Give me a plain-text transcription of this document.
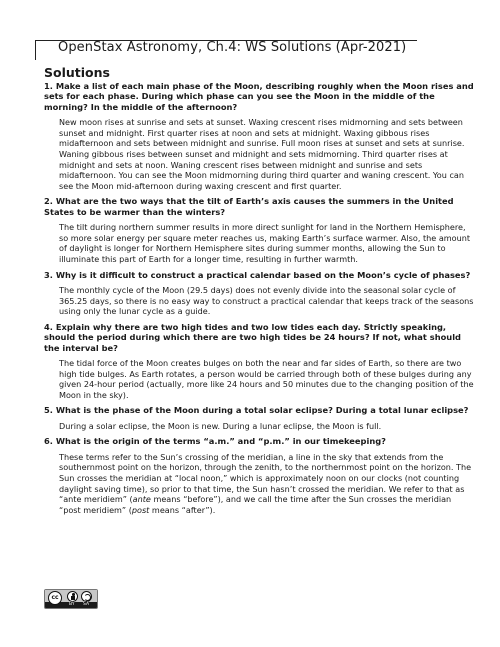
OpenStax Astronomy, Ch.4: WS Solutions (Apr-2021)
Solutions

1. Make a list of each main phase of the Moon, describing roughly when the Moon rises and sets for each phase. During which phase can you see the Moon in the middle of the morning? In the middle of the afternoon?

New moon rises at sunrise and sets at sunset. Waxing crescent rises midmorning and sets between sunset and midnight. First quarter rises at noon and sets at midnight. Waxing gibbous rises midafternoon and sets between midnight and sunrise. Full moon rises at sunset and sets at sunrise. Waning gibbous rises between sunset and midnight and sets midmorning. Third quarter rises at midnight and sets at noon. Waning crescent rises between midnight and sunrise and sets midafternoon. You can see the Moon midmorning during third quarter and waning crescent. You can see the Moon mid-afternoon during waxing crescent and first quarter.

2. What are the two ways that the tilt of Earth’s axis causes the summers in the United States to be warmer than the winters?

The tilt during northern summer results in more direct sunlight for land in the Northern Hemisphere, so more solar energy per square meter reaches us, making Earth’s surface warmer. Also, the amount of daylight is longer for Northern Hemisphere sites during summer months, allowing the Sun to illuminate this part of Earth for a longer time, resulting in further warmth.

3. Why is it difficult to construct a practical calendar based on the Moon’s cycle of phases?

The monthly cycle of the Moon (29.5 days) does not evenly divide into the seasonal solar cycle of 365.25 days, so there is no easy way to construct a practical calendar that keeps track of the seasons using only the lunar cycle as a guide.

4. Explain why there are two high tides and two low tides each day. Strictly speaking, should the period during which there are two high tides be 24 hours? If not, what should the interval be?

The tidal force of the Moon creates bulges on both the near and far sides of Earth, so there are two high tide bulges. As Earth rotates, a person would be carried through both of these bulges during any given 24-hour period (actually, more like 24 hours and 50 minutes due to the changing position of the Moon in the sky).

5. What is the phase of the Moon during a total solar eclipse? During a total lunar eclipse?

During a solar eclipse, the Moon is new. During a lunar eclipse, the Moon is full.

6. What is the origin of the terms “a.m.” and “p.m.” in our timekeeping?

These terms refer to the Sun’s crossing of the meridian, a line in the sky that extends from the southernmost point on the horizon, through the zenith, to the northernmost point on the horizon. The Sun crosses the meridian at “local noon,” which is approximately noon on our clocks (not counting daylight saving time), so prior to that time, the Sun hasn’t crossed the meridian. We refer to that as “ante meridiem” (ante means “before”), and we call the time after the Sun crosses the meridian “post meridiem” (post means “after”).

cc
BY SA
